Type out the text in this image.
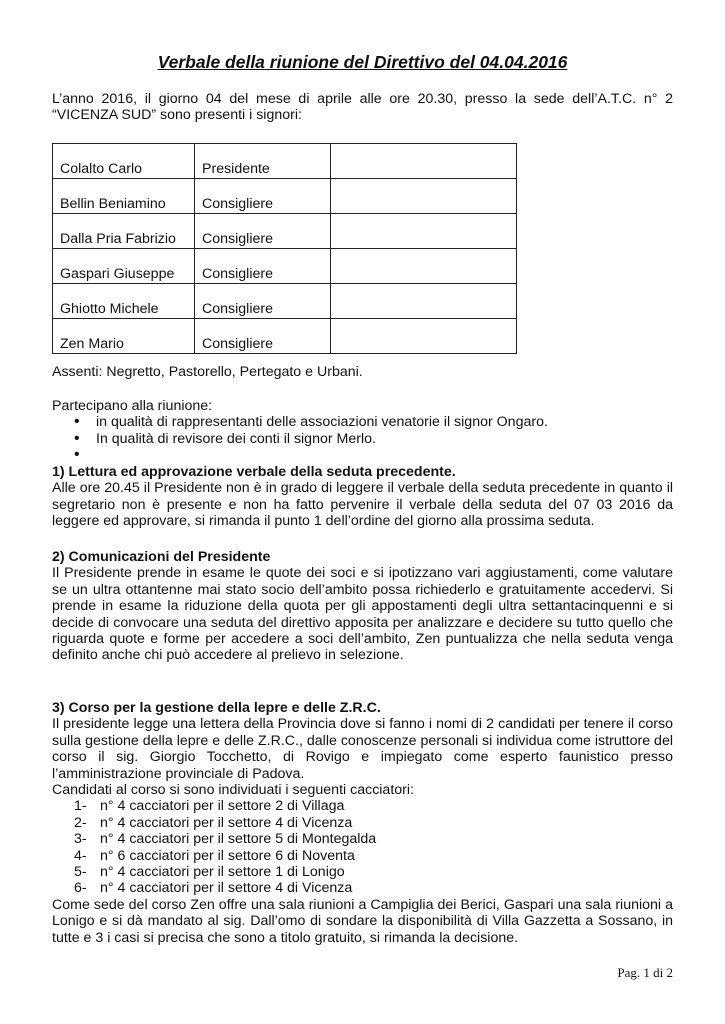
Verbale della riunione del Direttivo del 04.04.2016
L’anno 2016, il giorno 04 del mese di aprile alle ore 20.30, presso la sede dell’A.T.C. n° 2
“VICENZA SUD” sono presenti i signori:
Colalto Carlo	Presidente	
Bellin Beniamino	Consigliere	
Dalla Pria Fabrizio	Consigliere	
Gaspari Giuseppe	Consigliere	
Ghiotto Michele	Consigliere	
Zen Mario	Consigliere	
Assenti: Negretto, Pastorello, Pertegato e Urbani.
Partecipano alla riunione:
• in qualità di rappresentanti delle associazioni venatorie il signor Ongaro.
• In qualità di revisore dei conti il signor Merlo.
•
1) Lettura ed approvazione verbale della seduta precedente.

Alle ore 20.45 il Presidente non è in grado di leggere il verbale della seduta precedente in quanto il segretario non è presente e non ha fatto pervenire il verbale della seduta del 07 03 2016 da leggere ed approvare, si rimanda il punto 1 dell’ordine del giorno alla prossima seduta.

2) Comunicazioni del Presidente

Il Presidente prende in esame le quote dei soci e si ipotizzano vari aggiustamenti, come valutare se un ultra ottantenne mai stato socio dell’ambito possa richiederlo e gratuitamente accedervi. Si prende in esame la riduzione della quota per gli appostamenti degli ultra settantacinquenni e si decide di convocare una seduta del direttivo apposita per analizzare e decidere su tutto quello che riguarda quote e forme per accedere a soci dell’ambito, Zen puntualizza che nella seduta venga definito anche chi può accedere al prelievo in selezione.

3) Corso per la gestione della lepre e delle Z.R.C.

Il presidente legge una lettera della Provincia dove si fanno i nomi di 2 candidati per tenere il corso sulla gestione della lepre e delle Z.R.C., dalle conoscenze personali si individua come istruttore del corso il sig. Giorgio Tocchetto, di Rovigo e impiegato come esperto faunistico presso l’amministrazione provinciale di Padova.

Candidati al corso si sono individuati i seguenti cacciatori:
1- n° 4 cacciatori per il settore 2 di Villaga
2- n° 4 cacciatori per il settore 4 di Vicenza
3- n° 4 cacciatori per il settore 5 di Montegalda
4- n° 6 cacciatori per il settore 6 di Noventa
5- n° 4 cacciatori per il settore 1 di Lonigo
6- n° 4 cacciatori per il settore 4 di Vicenza

Come sede del corso Zen offre una sala riunioni a Campiglia dei Berici, Gaspari una sala riunioni a Lonigo e si dà mandato al sig. Dall’omo di sondare la disponibilità di Villa Gazzetta a Sossano, in tutte e 3 i casi si precisa che sono a titolo gratuito, si rimanda la decisione.

Pag. 1 di 2
